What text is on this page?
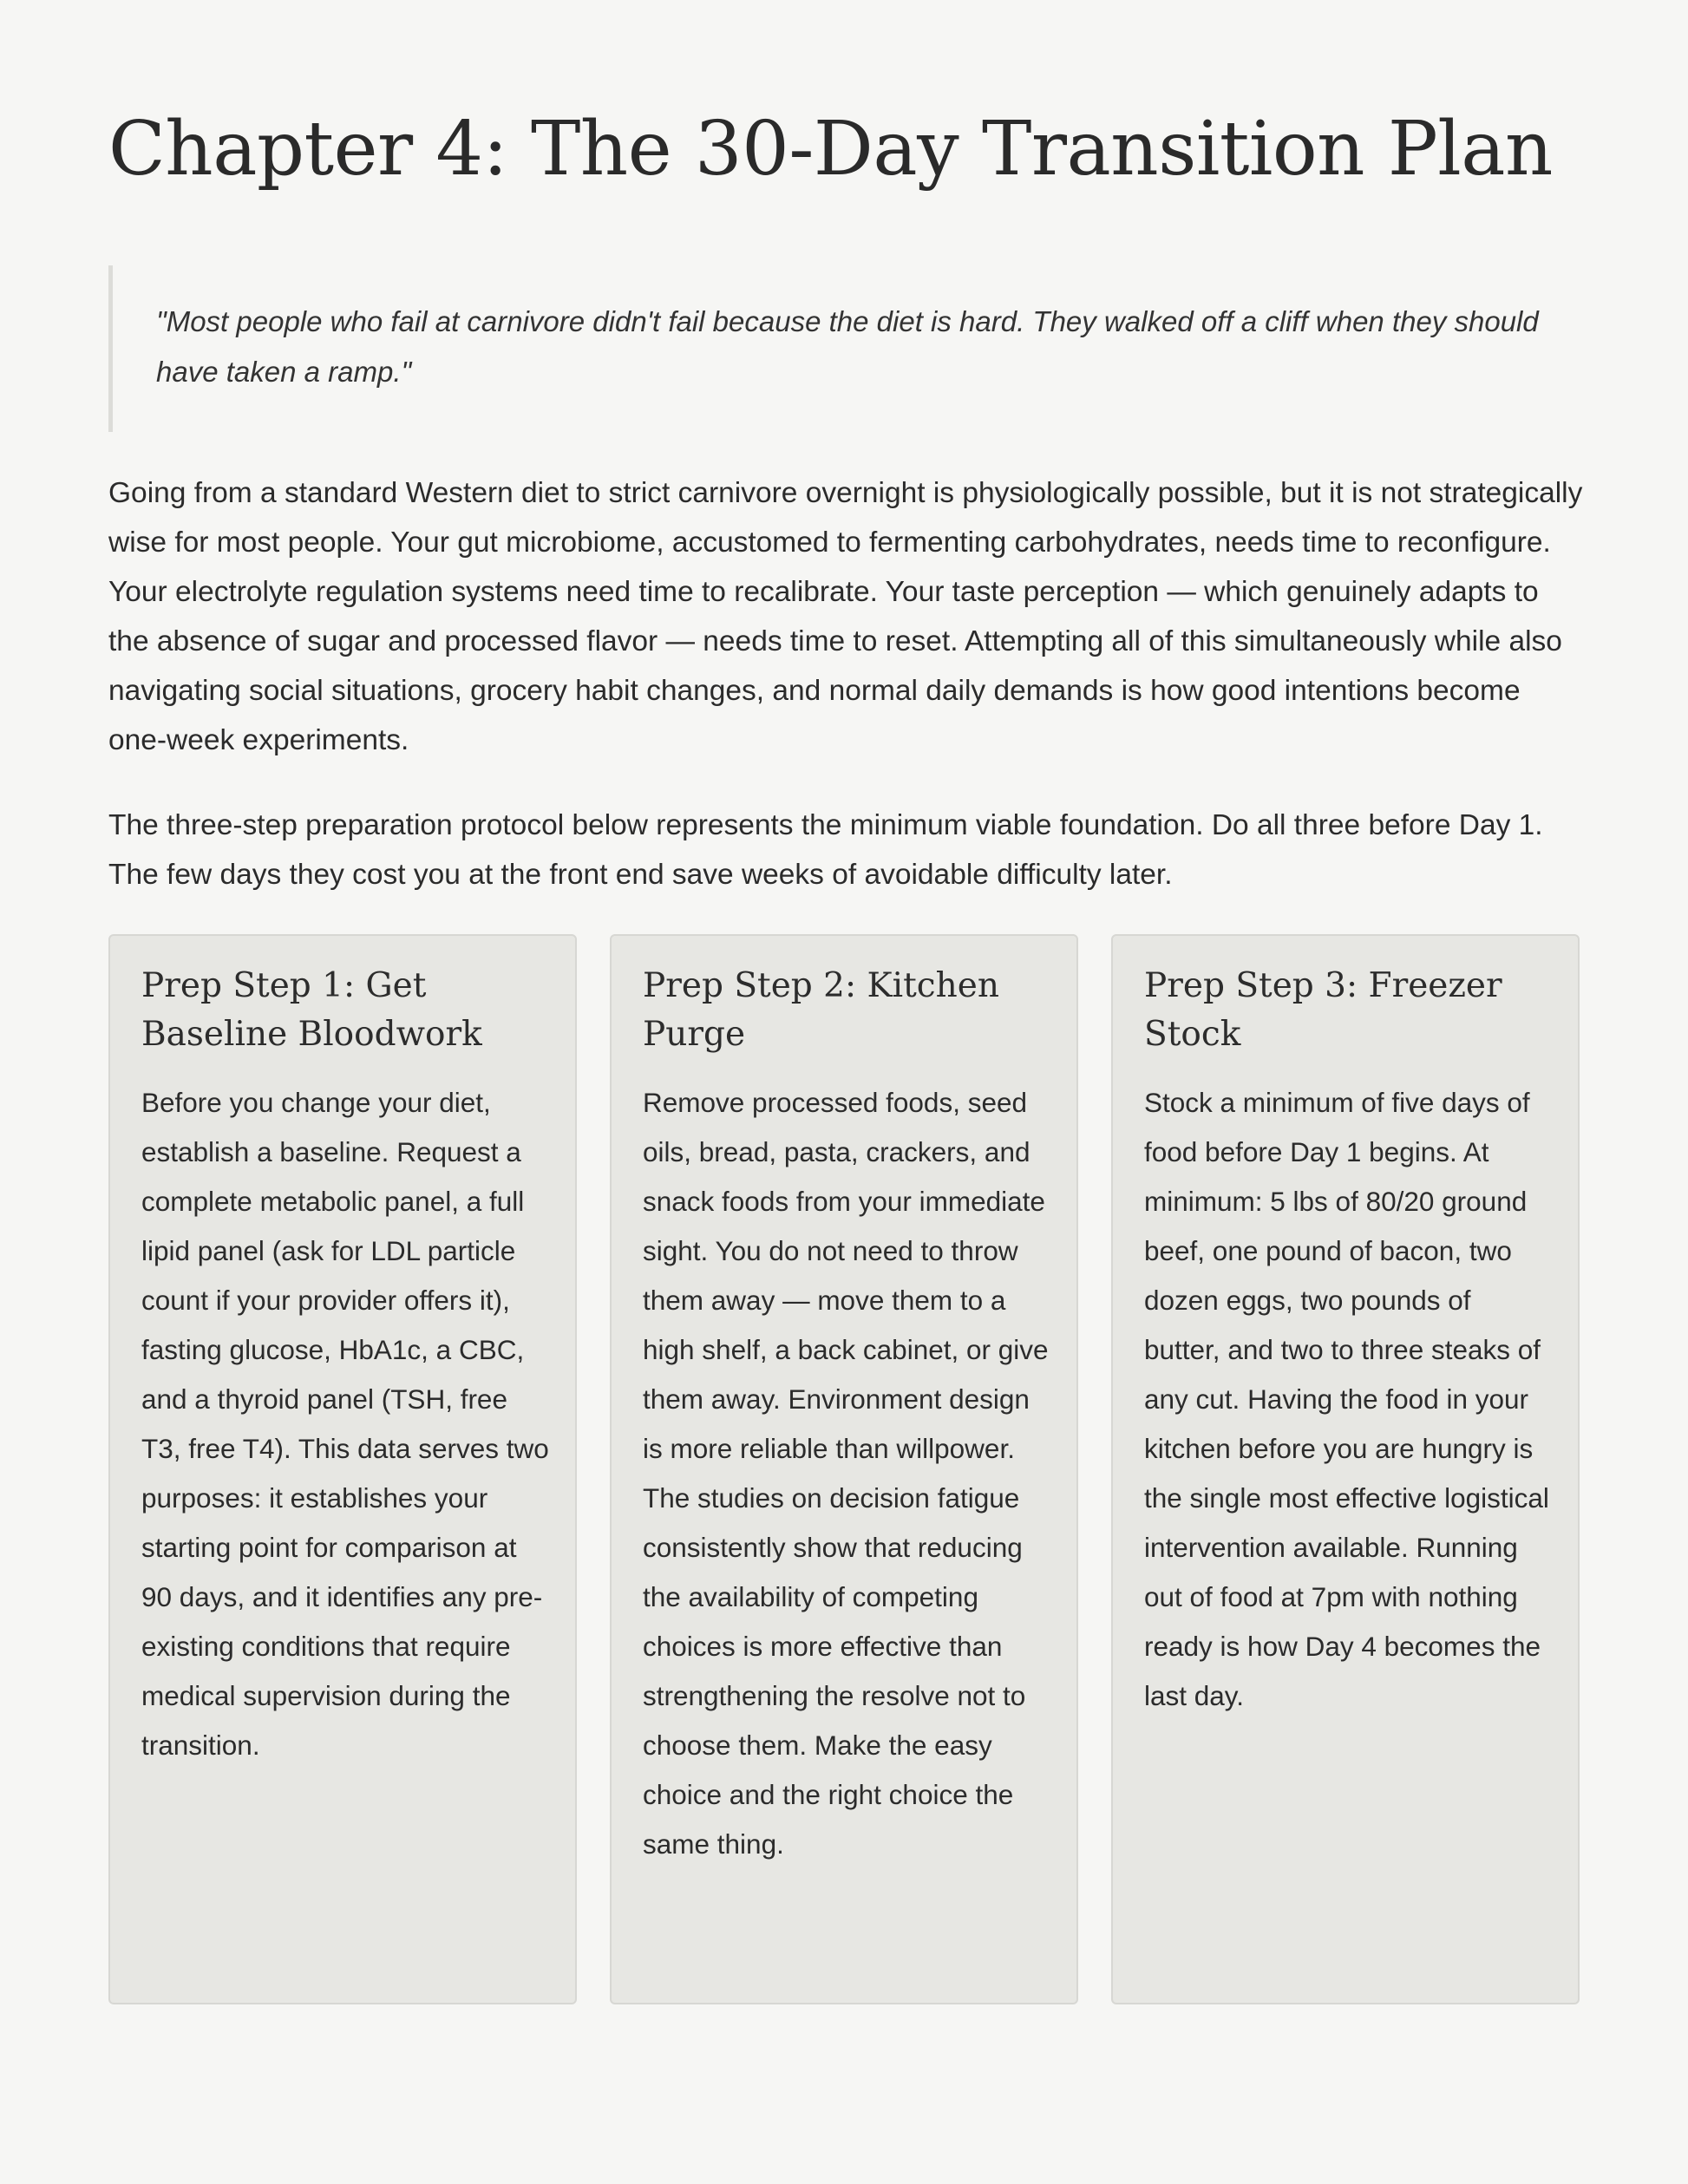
Chapter 4: The 30-Day Transition Plan

"Most people who fail at carnivore didn't fail because the diet is hard. They walked off a cliff when they should have taken a ramp."

Going from a standard Western diet to strict carnivore overnight is physiologically possible, but it is not strategically wise for most people. Your gut microbiome, accustomed to fermenting carbohydrates, needs time to reconfigure. Your electrolyte regulation systems need time to recalibrate. Your taste perception — which genuinely adapts to the absence of sugar and processed flavor — needs time to reset. Attempting all of this simultaneously while also navigating social situations, grocery habit changes, and normal daily demands is how good intentions become one-week experiments.

The three-step preparation protocol below represents the minimum viable foundation. Do all three before Day 1. The few days they cost you at the front end save weeks of avoidable difficulty later.

Prep Step 1: Get Baseline Bloodwork

Before you change your diet, establish a baseline. Request a complete metabolic panel, a full lipid panel (ask for LDL particle count if your provider offers it), fasting glucose, HbA1c, a CBC, and a thyroid panel (TSH, free T3, free T4). This data serves two purposes: it establishes your starting point for comparison at 90 days, and it identifies any pre-existing conditions that require medical supervision during the transition.

Prep Step 2: Kitchen Purge

Remove processed foods, seed oils, bread, pasta, crackers, and snack foods from your immediate sight. You do not need to throw them away — move them to a high shelf, a back cabinet, or give them away. Environment design is more reliable than willpower. The studies on decision fatigue consistently show that reducing the availability of competing choices is more effective than strengthening the resolve not to choose them. Make the easy choice and the right choice the same thing.

Prep Step 3: Freezer Stock

Stock a minimum of five days of food before Day 1 begins. At minimum: 5 lbs of 80/20 ground beef, one pound of bacon, two dozen eggs, two pounds of butter, and two to three steaks of any cut. Having the food in your kitchen before you are hungry is the single most effective logistical intervention available. Running out of food at 7pm with nothing ready is how Day 4 becomes the last day.
